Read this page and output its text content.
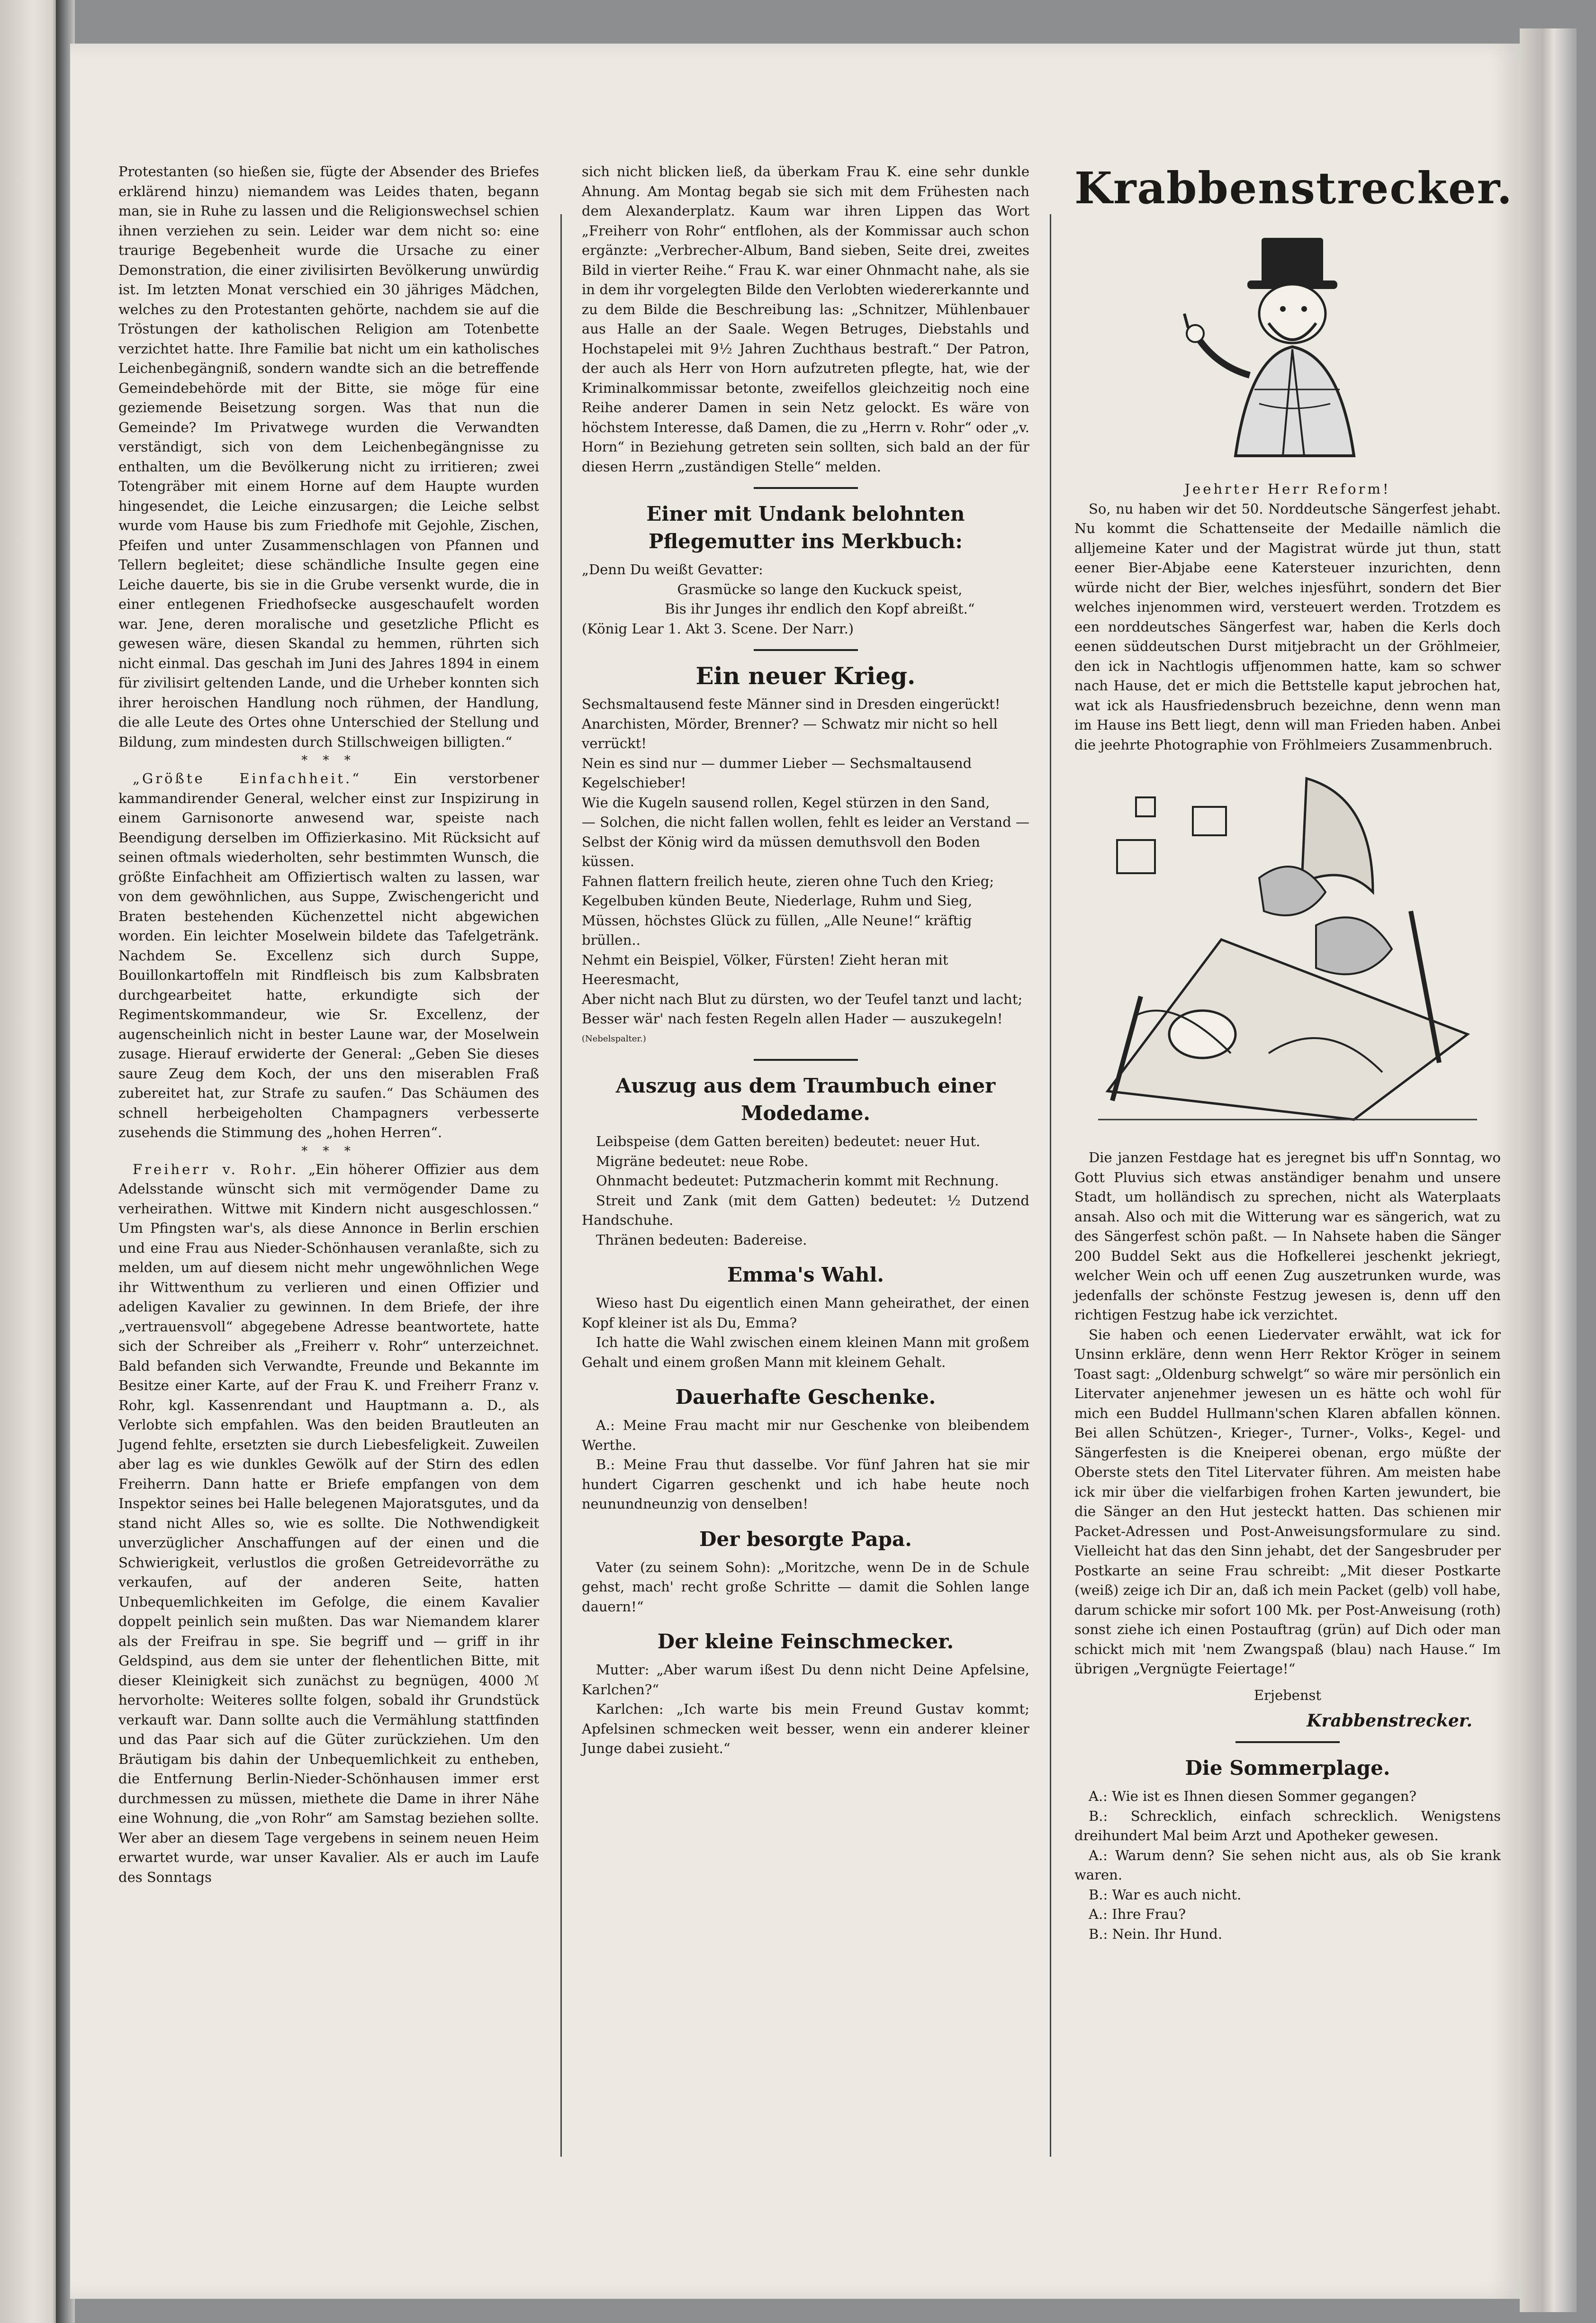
Protestanten (so hießen sie, fügte der Absender des Briefes erklärend hinzu) niemandem was Leides thaten, begann man, sie in Ruhe zu lassen und die Religionswechsel schien ihnen verziehen zu sein. Leider war dem nicht so: eine traurige Begebenheit wurde die Ursache zu einer Demonstration, die einer zivilisirten Bevölkerung unwürdig ist. Im letzten Monat verschied ein 30 jähriges Mädchen, welches zu den Protestanten gehörte, nachdem sie auf die Tröstungen der katholischen Religion am Totenbette verzichtet hatte. Ihre Familie bat nicht um ein katholisches Leichenbegängniß, sondern wandte sich an die betreffende Gemeindebehörde mit der Bitte, sie möge für eine geziemende Beisetzung sorgen. Was that nun die Gemeinde? Im Privatwege wurden die Verwandten verständigt, sich von dem Leichenbegängnisse zu enthalten, um die Bevölkerung nicht zu irritieren; zwei Totengräber mit einem Horne auf dem Haupte wurden hingesendet, die Leiche einzusargen; die Leiche selbst wurde vom Hause bis zum Friedhofe mit Gejohle, Zischen, Pfeifen und unter Zusammenschlagen von Pfannen und Tellern begleitet; diese schändliche Insulte gegen eine Leiche dauerte, bis sie in die Grube versenkt wurde, die in einer entlegenen Friedhofsecke ausgeschaufelt worden war. Jene, deren moralische und gesetzliche Pflicht es gewesen wäre, diesen Skandal zu hemmen, rührten sich nicht einmal. Das geschah im Juni des Jahres 1894 in einem für zivilisirt geltenden Lande, und die Urheber konnten sich ihrer heroischen Handlung noch rühmen, der Handlung, die alle Leute des Ortes ohne Unterschied der Stellung und Bildung, zum mindesten durch Stillschweigen billigten.“

* * *

„Größte Einfachheit.“ Ein verstorbener kammandirender General, welcher einst zur Inspizirung in einem Garnisonorte anwesend war, speiste nach Beendigung derselben im Offizierkasino. Mit Rücksicht auf seinen oftmals wiederholten, sehr bestimmten Wunsch, die größte Einfachheit am Offiziertisch walten zu lassen, war von dem gewöhnlichen, aus Suppe, Zwischengericht und Braten bestehenden Küchenzettel nicht abgewichen worden. Ein leichter Moselwein bildete das Tafelgetränk. Nachdem Se. Excellenz sich durch Suppe, Bouillonkartoffeln mit Rindfleisch bis zum Kalbsbraten durchgearbeitet hatte, erkundigte sich der Regimentskommandeur, wie Sr. Excellenz, der augenscheinlich nicht in bester Laune war, der Moselwein zusage. Hierauf erwiderte der General: „Geben Sie dieses saure Zeug dem Koch, der uns den miserablen Fraß zubereitet hat, zur Strafe zu saufen.“ Das Schäumen des schnell herbeigeholten Champagners verbesserte zusehends die Stimmung des „hohen Herren“.

* * *

Freiherr v. Rohr. „Ein höherer Offizier aus dem Adelsstande wünscht sich mit vermögender Dame zu verheirathen. Wittwe mit Kindern nicht ausgeschlossen.“ Um Pfingsten war's, als diese Annonce in Berlin erschien und eine Frau aus Nieder-Schönhausen veranlaßte, sich zu melden, um auf diesem nicht mehr ungewöhnlichen Wege ihr Wittwenthum zu verlieren und einen Offizier und adeligen Kavalier zu gewinnen. In dem Briefe, der ihre „vertrauensvoll“ abgegebene Adresse beantwortete, hatte sich der Schreiber als „Freiherr v. Rohr“ unterzeichnet. Bald befanden sich Verwandte, Freunde und Bekannte im Besitze einer Karte, auf der Frau K. und Freiherr Franz v. Rohr, kgl. Kassenrendant und Hauptmann a. D., als Verlobte sich empfahlen. Was den beiden Brautleuten an Jugend fehlte, ersetzten sie durch Liebesfeligkeit. Zuweilen aber lag es wie dunkles Gewölk auf der Stirn des edlen Freiherrn. Dann hatte er Briefe empfangen von dem Inspektor seines bei Halle belegenen Majoratsgutes, und da stand nicht Alles so, wie es sollte. Die Nothwendigkeit unverzüglicher Anschaffungen auf der einen und die Schwierigkeit, verlustlos die großen Getreidevorräthe zu verkaufen, auf der anderen Seite, hatten Unbequemlichkeiten im Gefolge, die einem Kavalier doppelt peinlich sein mußten. Das war Niemandem klarer als der Freifrau in spe. Sie begriff und — griff in ihr Geldspind, aus dem sie unter der flehentlichen Bitte, mit dieser Kleinigkeit sich zunächst zu begnügen, 4000 ℳ hervorholte: Weiteres sollte folgen, sobald ihr Grundstück verkauft war. Dann sollte auch die Vermählung stattfinden und das Paar sich auf die Güter zurückziehen. Um den Bräutigam bis dahin der Unbequemlichkeit zu entheben, die Entfernung Berlin-Nieder-Schönhausen immer erst durchmessen zu müssen, miethete die Dame in ihrer Nähe eine Wohnung, die „von Rohr“ am Samstag beziehen sollte. Wer aber an diesem Tage vergebens in seinem neuen Heim erwartet wurde, war unser Kavalier. Als er auch im Laufe des Sonntags

sich nicht blicken ließ, da überkam Frau K. eine sehr dunkle Ahnung. Am Montag begab sie sich mit dem Frühesten nach dem Alexanderplatz. Kaum war ihren Lippen das Wort „Freiherr von Rohr“ entflohen, als der Kommissar auch schon ergänzte: „Verbrecher-Album, Band sieben, Seite drei, zweites Bild in vierter Reihe.“ Frau K. war einer Ohnmacht nahe, als sie in dem ihr vorgelegten Bilde den Verlobten wiedererkannte und zu dem Bilde die Beschreibung las: „Schnitzer, Mühlenbauer aus Halle an der Saale. Wegen Betruges, Diebstahls und Hochstapelei mit 9½ Jahren Zuchthaus bestraft.“ Der Patron, der auch als Herr von Horn aufzutreten pflegte, hat, wie der Kriminalkommissar betonte, zweifellos gleichzeitig noch eine Reihe anderer Damen in sein Netz gelockt. Es wäre von höchstem Interesse, daß Damen, die zu „Herrn v. Rohr“ oder „v. Horn“ in Beziehung getreten sein sollten, sich bald an der für diesen Herrn „zuständigen Stelle“ melden.

Einer mit Undank belohnten Pflegemutter ins Merkbuch:

„Denn Du weißt Gevatter:

Grasmücke so lange den Kuckuck speist,

Bis ihr Junges ihr endlich den Kopf abreißt.“

(König Lear 1. Akt 3. Scene. Der Narr.)

Ein neuer Krieg.

Sechsmaltausend feste Männer sind in Dresden eingerückt!

Anarchisten, Mörder, Brenner? — Schwatz mir nicht so hell verrückt!

Nein es sind nur — dummer Lieber — Sechsmaltausend Kegelschieber!

Wie die Kugeln sausend rollen, Kegel stürzen in den Sand,

— Solchen, die nicht fallen wollen, fehlt es leider an Verstand —

Selbst der König wird da müssen demuthsvoll den Boden küssen.

Fahnen flattern freilich heute, zieren ohne Tuch den Krieg;

Kegelbuben künden Beute, Niederlage, Ruhm und Sieg,

Müssen, höchstes Glück zu füllen, „Alle Neune!“ kräftig brüllen..

Nehmt ein Beispiel, Völker, Fürsten! Zieht heran mit Heeresmacht,

Aber nicht nach Blut zu dürsten, wo der Teufel tanzt und lacht;

Besser wär' nach festen Regeln allen Hader — auszukegeln!

(Nebelspalter.)

Auszug aus dem Traumbuch einer Modedame.

Leibspeise (dem Gatten bereiten) bedeutet: neuer Hut.

Migräne bedeutet: neue Robe.

Ohnmacht bedeutet: Putzmacherin kommt mit Rechnung.

Streit und Zank (mit dem Gatten) bedeutet: ½ Dutzend Handschuhe.

Thränen bedeuten: Badereise.

Emma's Wahl.

Wieso hast Du eigentlich einen Mann geheirathet, der einen Kopf kleiner ist als Du, Emma?

Ich hatte die Wahl zwischen einem kleinen Mann mit großem Gehalt und einem großen Mann mit kleinem Gehalt.

Dauerhafte Geschenke.

A.: Meine Frau macht mir nur Geschenke von bleibendem Werthe.

B.: Meine Frau thut dasselbe. Vor fünf Jahren hat sie mir hundert Cigarren geschenkt und ich habe heute noch neunundneunzig von denselben!

Der besorgte Papa.

Vater (zu seinem Sohn): „Moritzche, wenn De in de Schule gehst, mach' recht große Schritte — damit die Sohlen lange dauern!“

Der kleine Feinschmecker.

Mutter: „Aber warum ißest Du denn nicht Deine Apfelsine, Karlchen?“

Karlchen: „Ich warte bis mein Freund Gustav kommt; Apfelsinen schmecken weit besser, wenn ein anderer kleiner Junge dabei zusieht.“

Krabbenstrecker.

Jeehrter Herr Reform!

So, nu haben wir det 50. Norddeutsche Sängerfest jehabt. Nu kommt die Schattenseite der Medaille nämlich die alljemeine Kater und der Magistrat würde jut thun, statt eener Bier-Abjabe eene Katersteuer inzurichten, denn würde nicht der Bier, welches injesführt, sondern det Bier welches injenommen wird, versteuert werden. Trotzdem es een norddeutsches Sängerfest war, haben die Kerls doch eenen süddeutschen Durst mitjebracht un der Gröhlmeier, den ick in Nachtlogis uffjenommen hatte, kam so schwer nach Hause, det er mich die Bettstelle kaput jebrochen hat, wat ick als Hausfriedensbruch bezeichne, denn wenn man im Hause ins Bett liegt, denn will man Frieden haben. Anbei die jeehrte Photographie von Fröhlmeiers Zusammenbruch.

Die janzen Festdage hat es jeregnet bis uff'n Sonntag, wo Gott Pluvius sich etwas anständiger benahm und unsere Stadt, um holländisch zu sprechen, nicht als Waterplaats ansah. Also och mit die Witterung war es sängerich, wat zu des Sängerfest schön paßt. — In Nahsete haben die Sänger 200 Buddel Sekt aus die Hofkellerei jeschenkt jekriegt, welcher Wein och uff eenen Zug auszetrunken wurde, was jedenfalls der schönste Festzug jewesen is, denn uff den richtigen Festzug habe ick verzichtet.

Sie haben och eenen Liedervater erwählt, wat ick for Unsinn erkläre, denn wenn Herr Rektor Kröger in seinem Toast sagt: „Oldenburg schwelgt“ so wäre mir persönlich ein Litervater anjenehmer jewesen un es hätte och wohl für mich een Buddel Hullmann'schen Klaren abfallen können. Bei allen Schützen-, Krieger-, Turner-, Volks-, Kegel- und Sängerfesten is die Kneiperei obenan, ergo müßte der Oberste stets den Titel Litervater führen. Am meisten habe ick mir über die vielfarbigen frohen Karten jewundert, bie die Sänger an den Hut jesteckt hatten. Das schienen mir Packet-Adressen und Post-Anweisungsformulare zu sind. Vielleicht hat das den Sinn jehabt, det der Sangesbruder per Postkarte an seine Frau schreibt: „Mit dieser Postkarte (weiß) zeige ich Dir an, daß ich mein Packet (gelb) voll habe, darum schicke mir sofort 100 Mk. per Post-Anweisung (roth) sonst ziehe ich einen Postauftrag (grün) auf Dich oder man schickt mich mit 'nem Zwangspaß (blau) nach Hause.“ Im übrigen „Vergnügte Feiertage!“

Erjebenst

Krabbenstrecker.
Die Sommerplage.

A.: Wie ist es Ihnen diesen Sommer gegangen?

B.: Schrecklich, einfach schrecklich. Wenigstens dreihundert Mal beim Arzt und Apotheker gewesen.

A.: Warum denn? Sie sehen nicht aus, als ob Sie krank waren.

B.: War es auch nicht.

A.: Ihre Frau?

B.: Nein. Ihr Hund.
